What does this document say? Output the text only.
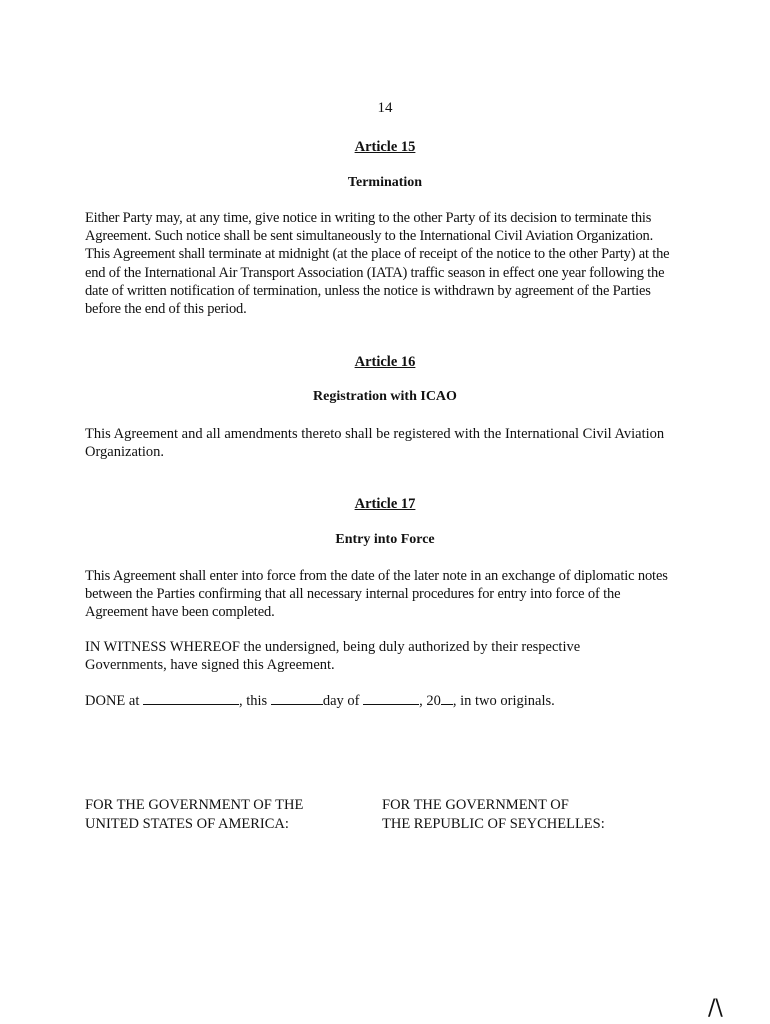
14
Article 15
Termination

Either Party may, at any time, give notice in writing to the other Party of its decision to terminate this Agreement. Such notice shall be sent simultaneously to the International Civil Aviation Organization. This Agreement shall terminate at midnight (at the place of receipt of the notice to the other Party) at the end of the International Air Transport Association (IATA) traffic season in effect one year following the date of written notification of termination, unless the notice is withdrawn by agreement of the Parties before the end of this period.

Article 16
Registration with ICAO

This Agreement and all amendments thereto shall be registered with the International Civil Aviation Organization.

Article 17
Entry into Force

This Agreement shall enter into force from the date of the later note in an exchange of diplomatic notes between the Parties confirming that all necessary internal procedures for entry into force of the Agreement have been completed.

IN WITNESS WHEREOF the undersigned, being duly authorized by their respective Governments, have signed this Agreement.

DONE at	, this	day of	, 20 , in two originals.
FOR THE GOVERNMENT OF THE
UNITED STATES OF AMERICA:
FOR THE GOVERNMENT OF
THE REPUBLIC OF SEYCHELLES:
/\
